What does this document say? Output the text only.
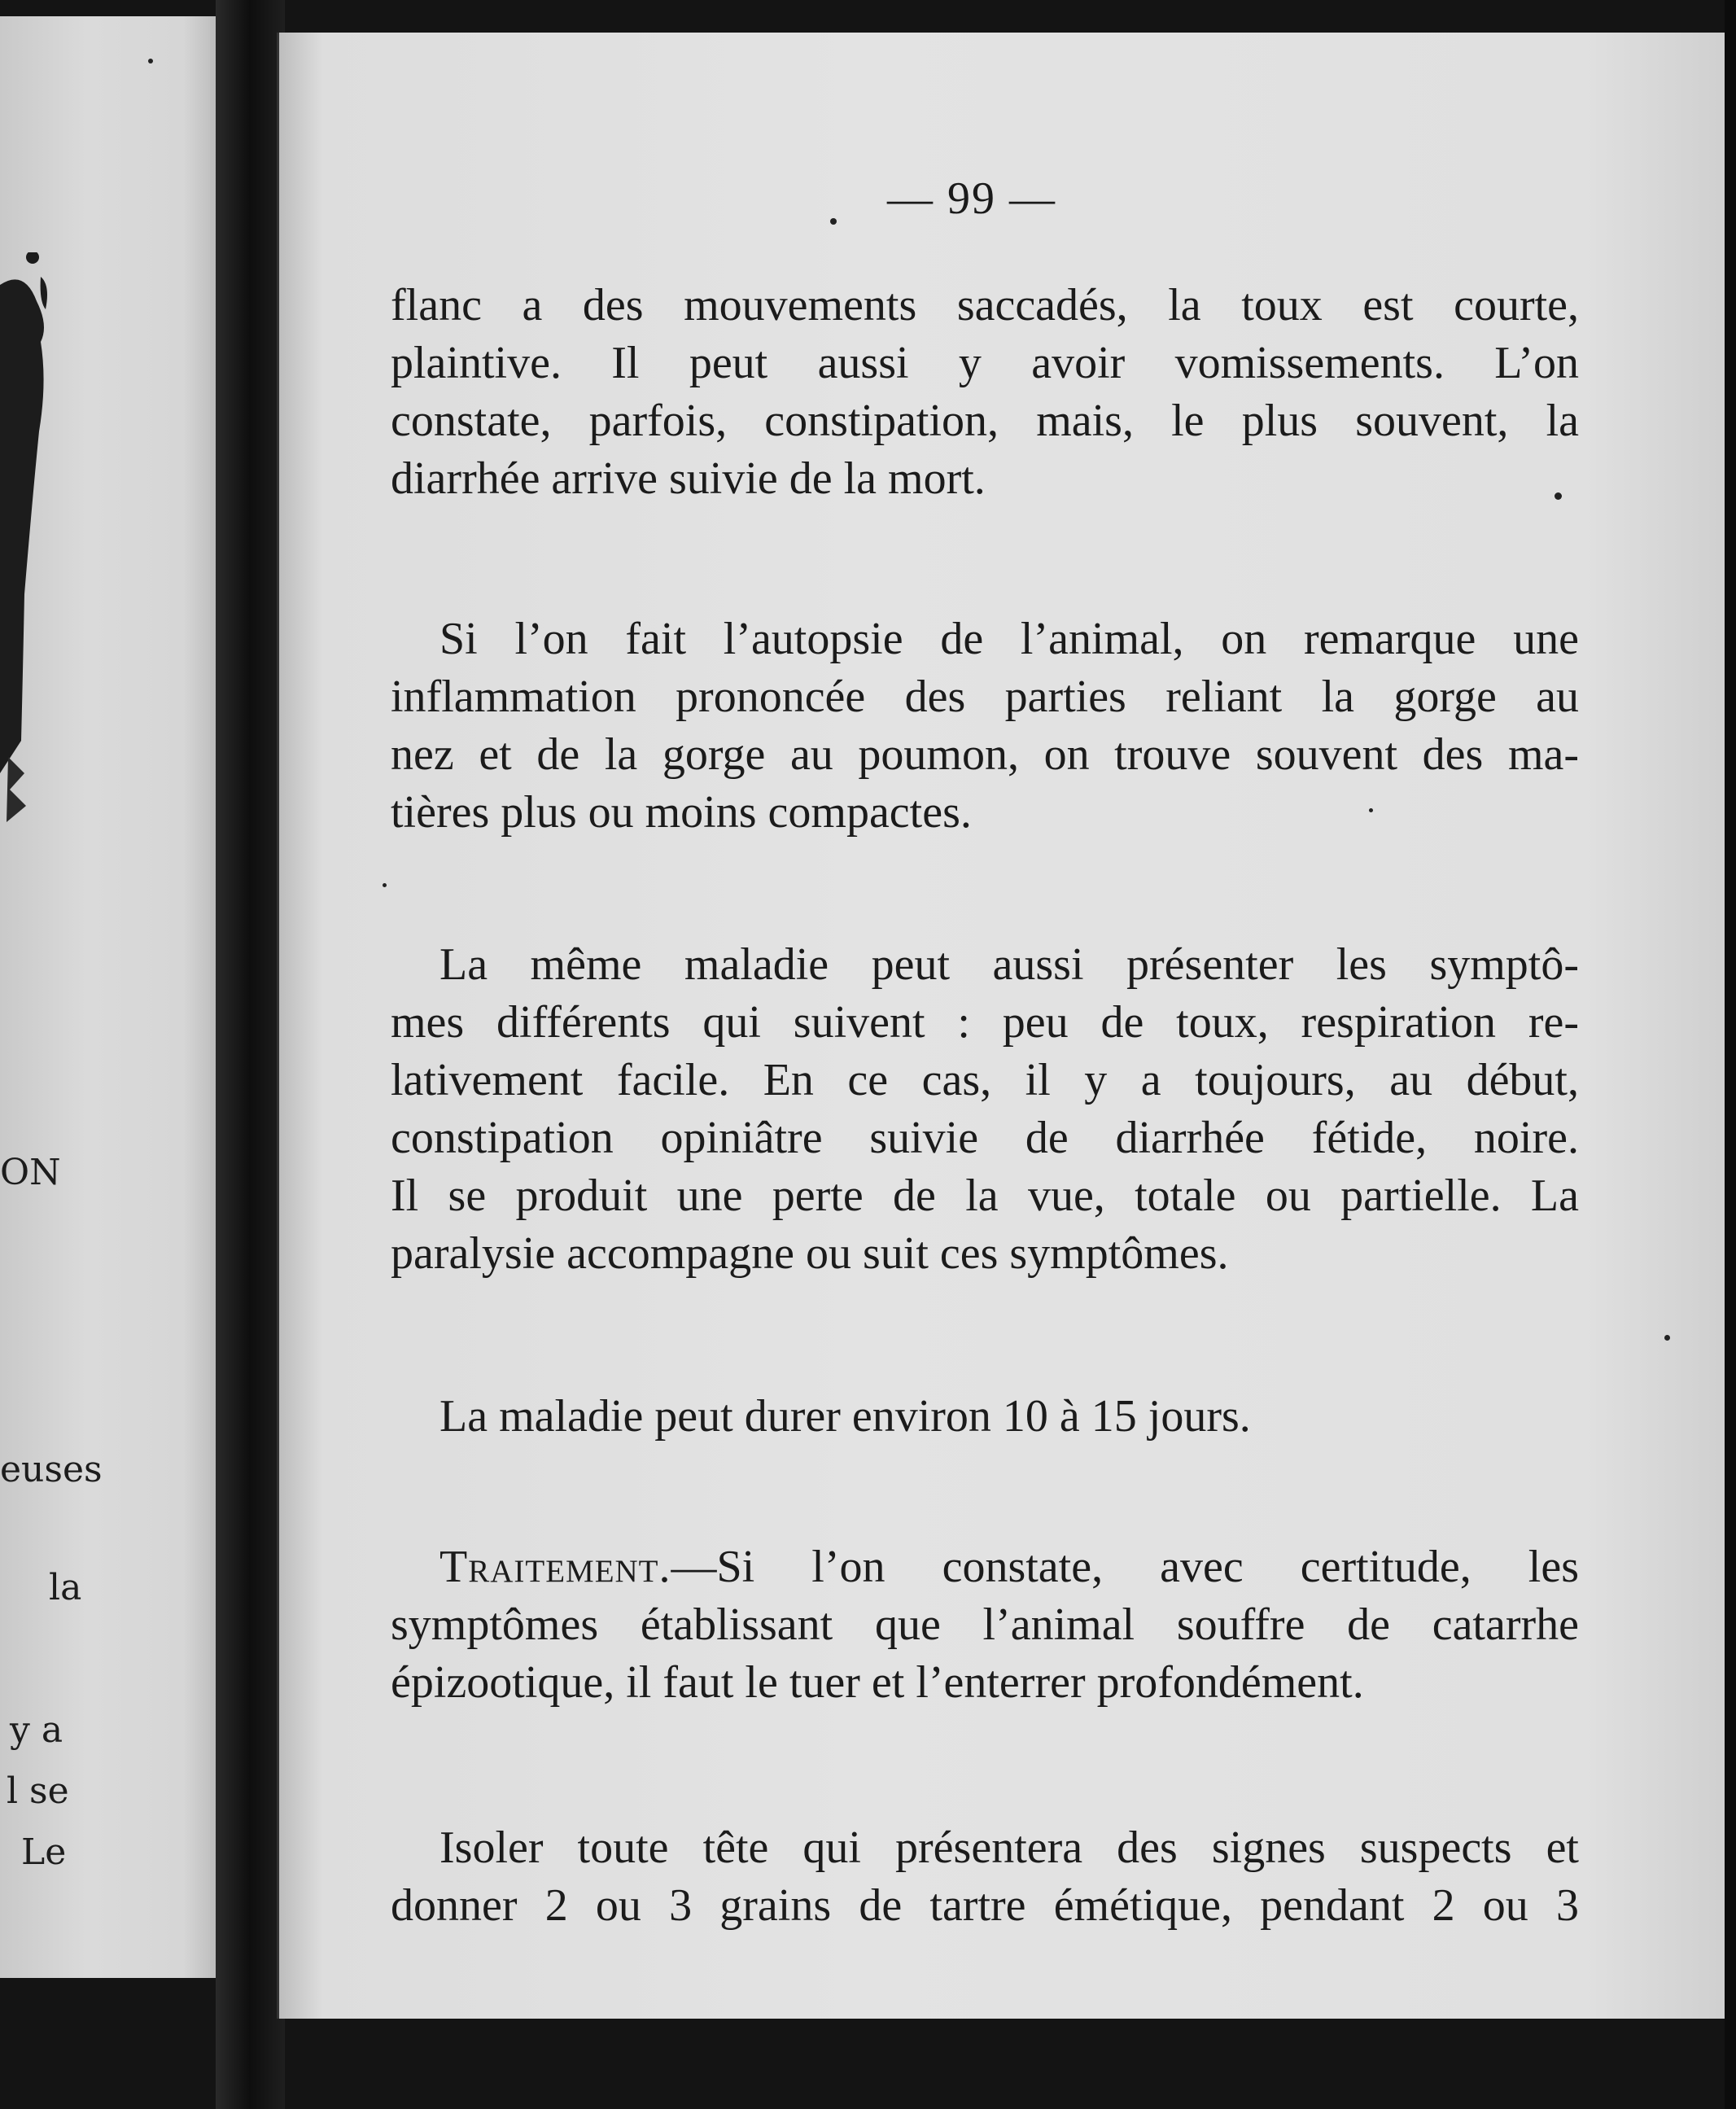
ON
euses
la
y a
l se
Le
— 99 —
flanc a des mouvements saccadés, la toux est courte,
plaintive. Il peut aussi y avoir vomissements. L’on
constate, parfois, constipation, mais, le plus souvent, la
diarrhée arrive suivie de la mort.
Si l’on fait l’autopsie de l’animal, on remarque une
inflammation prononcée des parties reliant la gorge au
nez et de la gorge au poumon, on trouve souvent des ma-
tières plus ou moins compactes.
La même maladie peut aussi présenter les symptô-
mes différents qui suivent : peu de toux, respiration re-
lativement facile. En ce cas, il y a toujours, au début,
constipation opiniâtre suivie de diarrhée fétide, noire.
Il se produit une perte de la vue, totale ou partielle. La
paralysie accompagne ou suit ces symptômes.
La maladie peut durer environ 10 à 15 jours.
Traitement.—Si l’on constate, avec certitude, les
symptômes établissant que l’animal souffre de catarrhe
épizootique, il faut le tuer et l’enterrer profondément.
Isoler toute tête qui présentera des signes suspects et
donner 2 ou 3 grains de tartre émétique, pendant 2 ou 3
